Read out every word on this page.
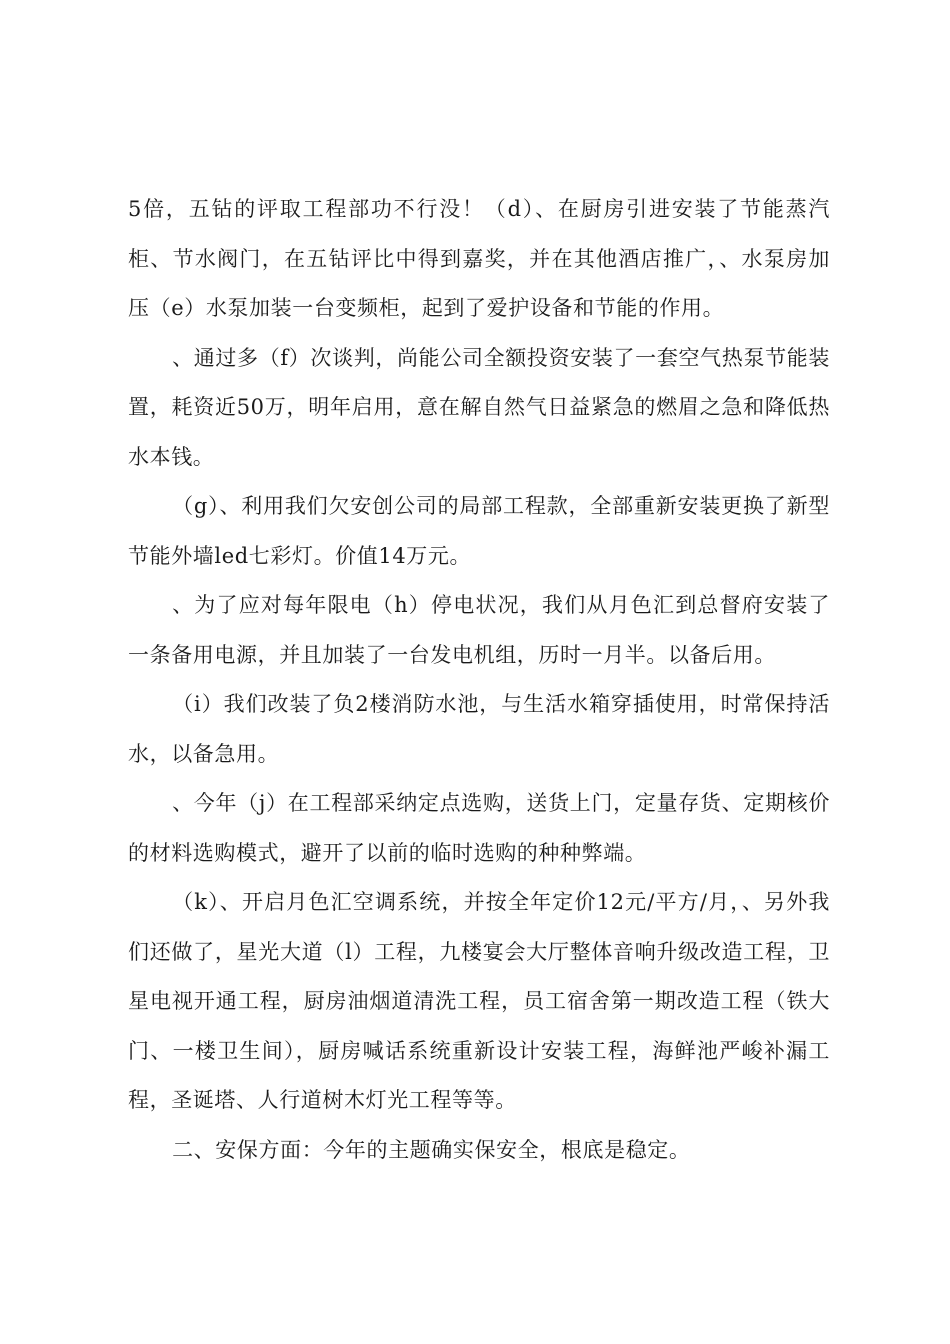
5倍，五钻的评取工程部功不行没！（d）、在厨房引进安装了节能蒸汽柜、节水阀门，在五钻评比中得到嘉奖，并在其他酒店推广，、水泵房加压（e）水泵加装一台变频柜，起到了爱护设备和节能的作用。

、通过多（f）次谈判，尚能公司全额投资安装了一套空气热泵节能装置，耗资近50万，明年启用，意在解自然气日益紧急的燃眉之急和降低热水本钱。

（g）、利用我们欠安创公司的局部工程款，全部重新安装更换了新型节能外墙led七彩灯。价值14万元。

、为了应对每年限电（h）停电状况，我们从月色汇到总督府安装了一条备用电源，并且加装了一台发电机组，历时一月半。以备后用。

（i）我们改装了负2楼消防水池，与生活水箱穿插使用，时常保持活水，以备急用。

、今年（j）在工程部采纳定点选购，送货上门，定量存货、定期核价的材料选购模式，避开了以前的临时选购的种种弊端。

（k）、开启月色汇空调系统，并按全年定价12元/平方/月，、另外我们还做了，星光大道（l）工程，九楼宴会大厅整体音响升级改造工程，卫星电视开通工程，厨房油烟道清洗工程，员工宿舍第一期改造工程（铁大门、一楼卫生间），厨房喊话系统重新设计安装工程，海鲜池严峻补漏工程，圣诞塔、人行道树木灯光工程等等。

二、安保方面：今年的主题确实保安全，根底是稳定。
